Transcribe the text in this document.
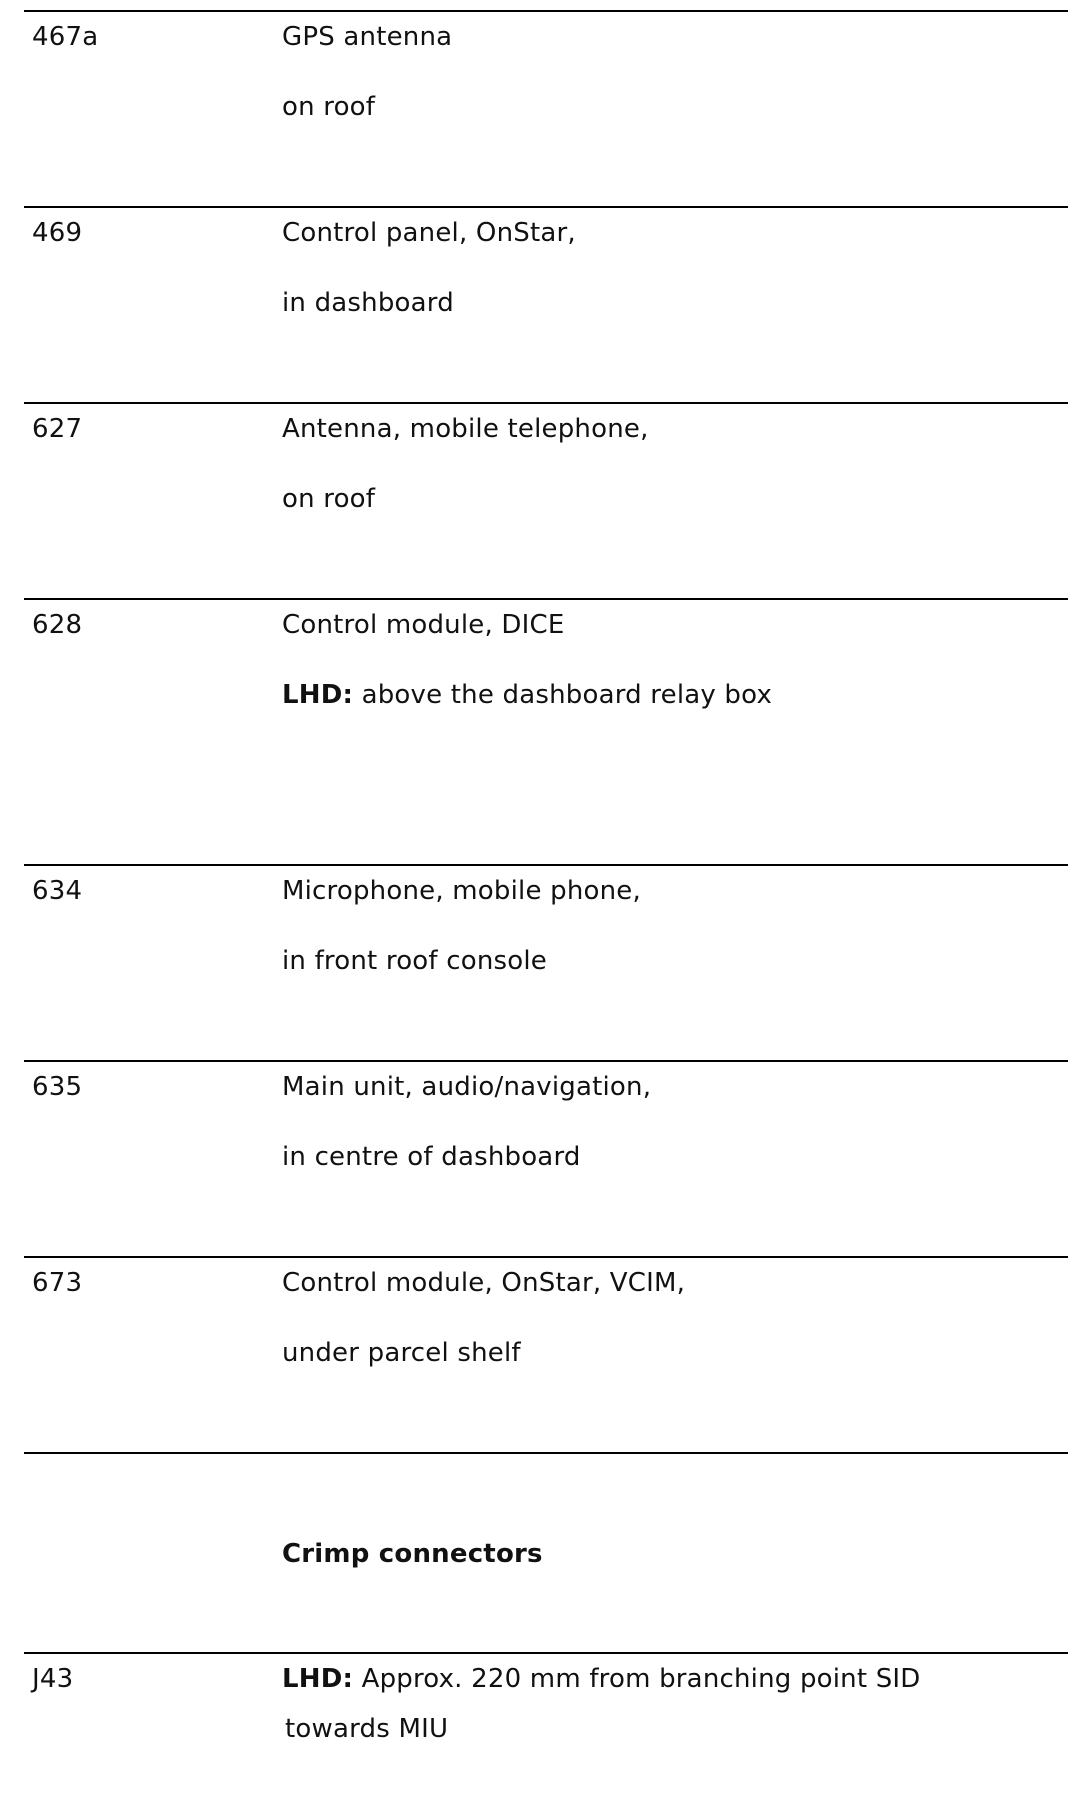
467a	GPS antenna
on roof
469	Control panel, OnStar,
in dashboard
627	Antenna, mobile telephone,
on roof
628	Control module, DICE
LHD: above the dashboard relay box
634	Microphone, mobile phone,
in front roof console
635	Main unit, audio/navigation,
in centre of dashboard
673	Control module, OnStar, VCIM,
under parcel shelf
Crimp connectors
J43	LHD: Approx. 220 mm from branching point SID
towards MIU
